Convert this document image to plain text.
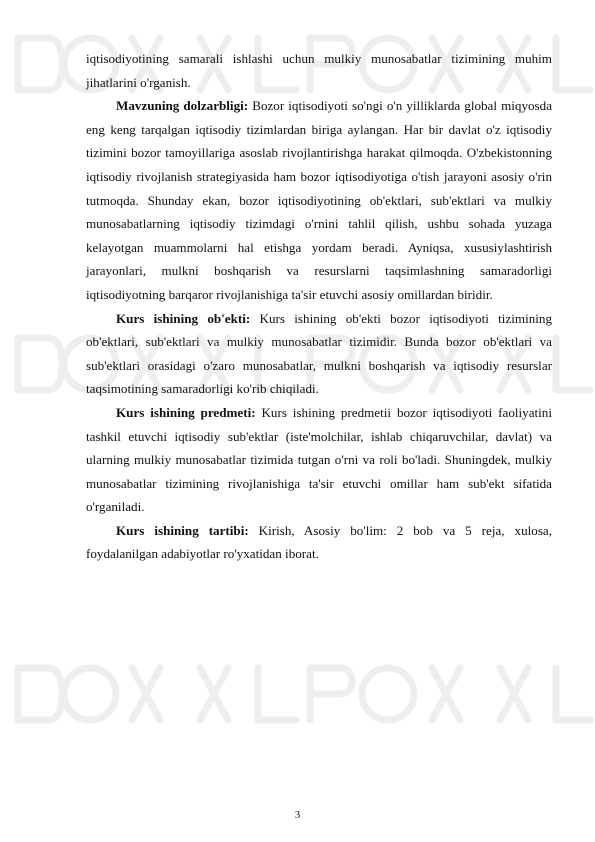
iqtisodiyotining samarali ishlashi uchun mulkiy munosabatlar tizimining muhim jihatlarini o'rganish.

Mavzuning dolzarbligi: Bozor iqtisodiyoti so'ngi o'n yilliklarda global miqyosda eng keng tarqalgan iqtisodiy tizimlardan biriga aylangan. Har bir davlat o'z iqtisodiy tizimini bozor tamoyillariga asoslab rivojlantirishga harakat qilmoqda. O'zbekistonning iqtisodiy rivojlanish strategiyasida ham bozor iqtisodiyotiga o'tish jarayoni asosiy o'rin tutmoqda. Shunday ekan, bozor iqtisodiyotining ob'ektlari, sub'ektlari va mulkiy munosabatlarning iqtisodiy tizimdagi o'rnini tahlil qilish, ushbu sohada yuzaga kelayotgan muammolarni hal etishga yordam beradi. Ayniqsa, xususiylashtirish jarayonlari, mulkni boshqarish va resurslarni taqsimlashning samaradorligi iqtisodiyotning barqaror rivojlanishiga ta'sir etuvchi asosiy omillardan biridir.

Kurs ishining ob'ekti: Kurs ishining ob'ekti bozor iqtisodiyoti tizimining ob'ektlari, sub'ektlari va mulkiy munosabatlar tizimidir. Bunda bozor ob'ektlari va sub'ektlari orasidagi o'zaro munosabatlar, mulkni boshqarish va iqtisodiy resurslar taqsimotining samaradorligi ko'rib chiqiladi.

Kurs ishining predmeti: Kurs ishining predmetii bozor iqtisodiyoti faoliyatini tashkil etuvchi iqtisodiy sub'ektlar (iste'molchilar, ishlab chiqaruvchilar, davlat) va ularning mulkiy munosabatlar tizimida tutgan o'rni va roli bo'ladi. Shuningdek, mulkiy munosabatlar tizimining rivojlanishiga ta'sir etuvchi omillar ham sub'ekt sifatida o'rganiladi.

Kurs ishining tartibi: Kirish, Asosiy bo'lim: 2 bob va 5 reja, xulosa, foydalanilgan adabiyotlar ro'yxatidan iborat.

3
